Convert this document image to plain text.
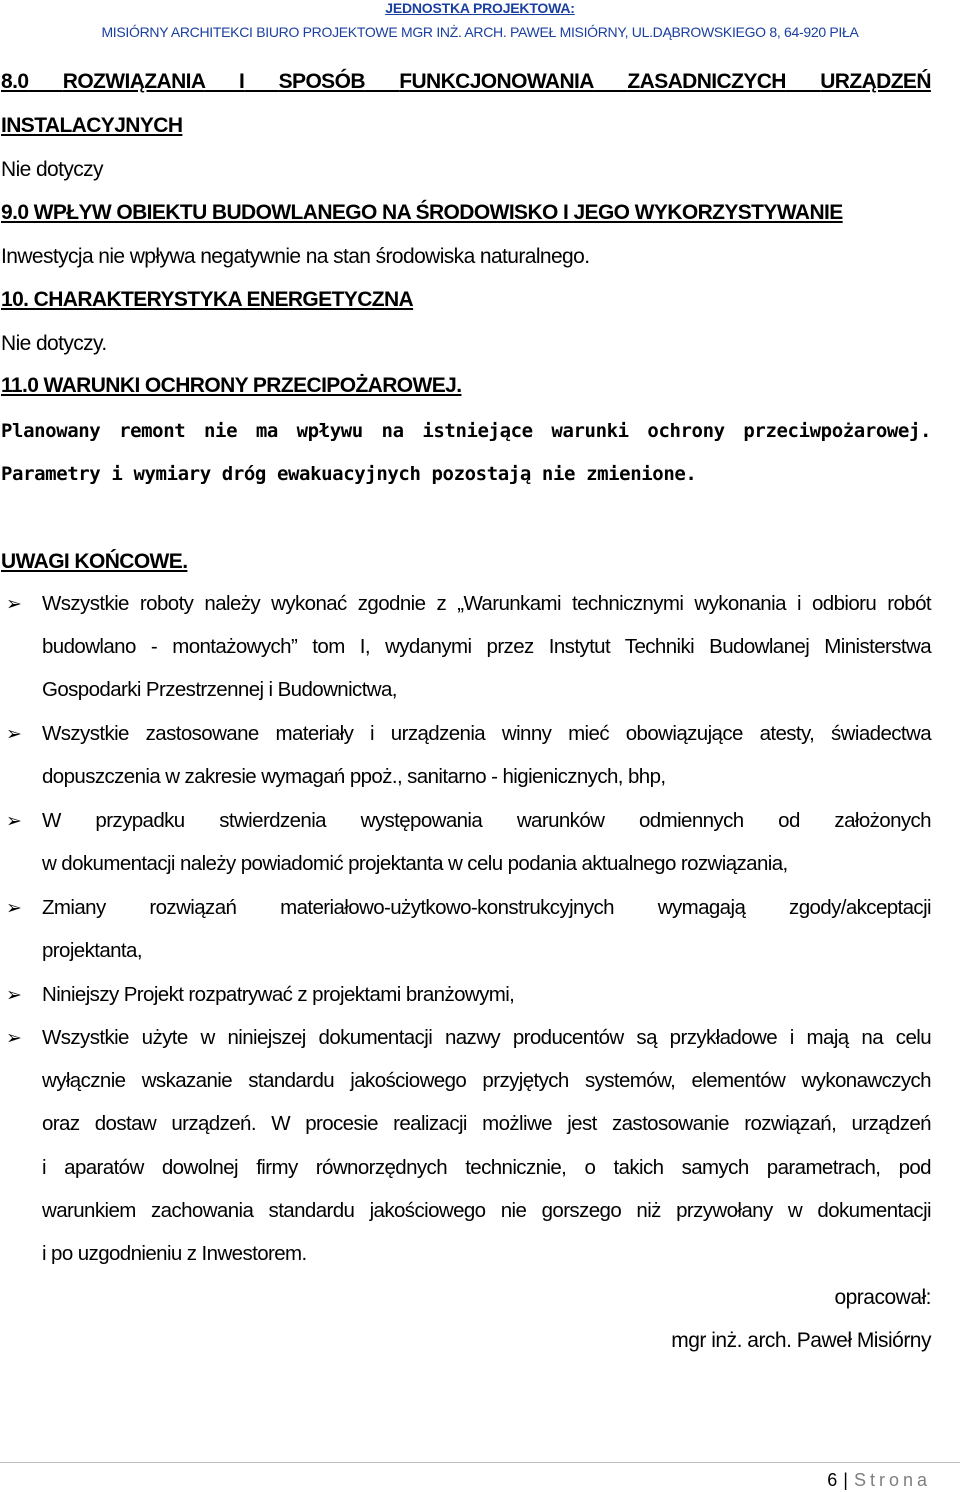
JEDNOSTKA PROJEKTOWA:
MISIÓRNY ARCHITEKCI BIURO PROJEKTOWE MGR INŻ. ARCH. PAWEŁ MISIÓRNY, UL.DĄBROWSKIEGO 8, 64-920 PIŁA
8.0 ROZWIĄZANIA I SPOSÓB FUNKCJONOWANIA ZASADNICZYCH URZĄDZEŃ
INSTALACYJNYCH
Nie dotyczy
9.0 WPŁYW OBIEKTU BUDOWLANEGO NA ŚRODOWISKO I JEGO WYKORZYSTYWANIE
Inwestycja nie wpływa negatywnie na stan środowiska naturalnego.
10. CHARAKTERYSTYKA ENERGETYCZNA
Nie dotyczy.
11.0 WARUNKI OCHRONY PRZECIPOŻAROWEJ.
Planowany remont nie ma wpływu na istniejące warunki ochrony przeciwpożarowej.
Parametry i wymiary dróg ewakuacyjnych pozostają nie zmienione.
UWAGI KOŃCOWE.
➢ Wszystkie roboty należy wykonać zgodnie z „Warunkami technicznymi wykonania i odbioru robót
budowlano - montażowych” tom I, wydanymi przez Instytut Techniki Budowlanej Ministerstwa
Gospodarki Przestrzennej i Budownictwa,
➢ Wszystkie zastosowane materiały i urządzenia winny mieć obowiązujące atesty, świadectwa
dopuszczenia w zakresie wymagań ppoż., sanitarno - higienicznych, bhp,
➢ W przypadku stwierdzenia występowania warunków odmiennych od założonych
w dokumentacji należy powiadomić projektanta w celu podania aktualnego rozwiązania,
➢ Zmiany rozwiązań materiałowo-użytkowo-konstrukcyjnych wymagają zgody/akceptacji
projektanta,
➢ Niniejszy Projekt rozpatrywać z projektami branżowymi,
➢ Wszystkie użyte w niniejszej dokumentacji nazwy producentów są przykładowe i mają na celu
wyłącznie wskazanie standardu jakościowego przyjętych systemów, elementów wykonawczych
oraz dostaw urządzeń. W procesie realizacji możliwe jest zastosowanie rozwiązań, urządzeń
i aparatów dowolnej firmy równorzędnych technicznie, o takich samych parametrach, pod
warunkiem zachowania standardu jakościowego nie gorszego niż przywołany w dokumentacji
i po uzgodnieniu z Inwestorem.
opracował:
mgr inż. arch. Paweł Misiórny
6 | Strona
